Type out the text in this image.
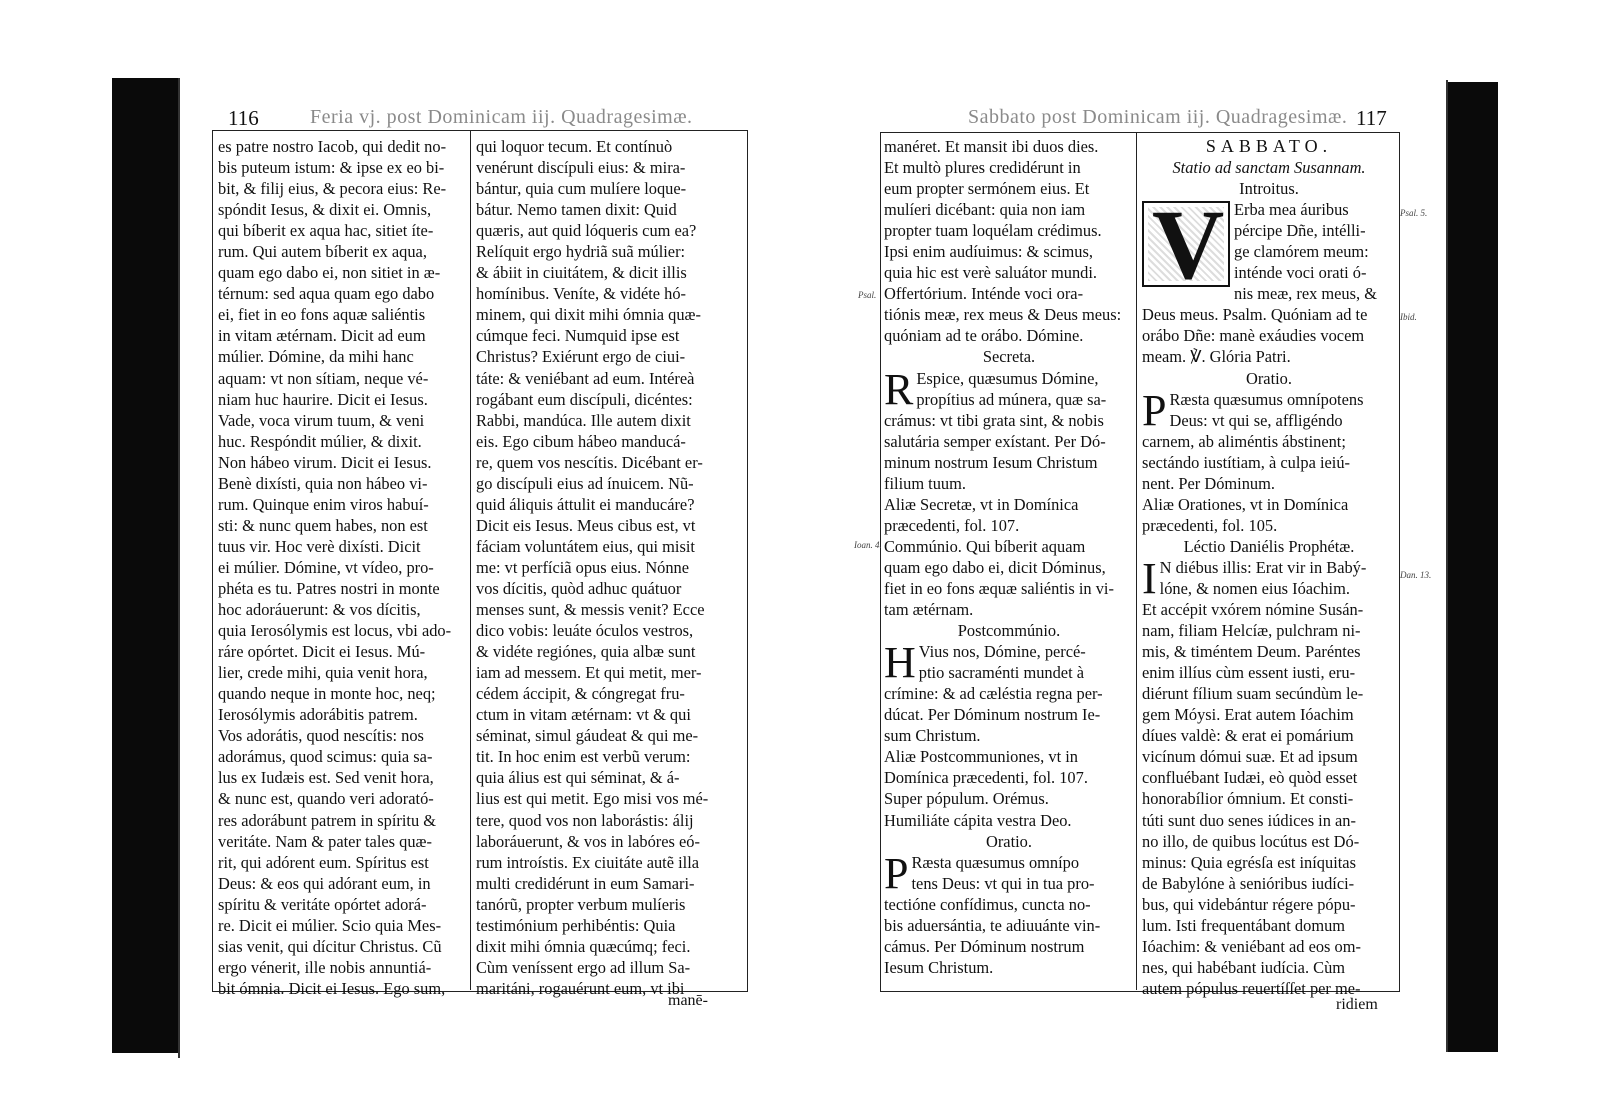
116	Feria vj. post Dominicam iij. Quadragesimæ.

es patre nostro Iacob, qui dedit no-

bis puteum istum: & ipse ex eo bi-

bit, & filij eius, & pecora eius: Re-

spóndit Iesus, & dixit ei. Omnis,

qui bíberit ex aqua hac, sitiet íte-

rum. Qui autem bíberit ex aqua,

quam ego dabo ei, non sitiet in æ-

térnum: sed aqua quam ego dabo

ei, fiet in eo fons aquæ saliéntis

in vitam ætérnam. Dicit ad eum

múlier. Dómine, da mihi hanc

aquam: vt non sítiam, neque vé-

niam huc haurire. Dicit ei Iesus.

Vade, voca virum tuum, & veni

huc. Respóndit múlier, & dixit.

Non hábeo virum. Dicit ei Iesus.

Benè dixísti, quia non hábeo vi-

rum. Quinque enim viros habuí-

sti: & nunc quem habes, non est

tuus vir. Hoc verè dixísti. Dicit

ei múlier. Dómine, vt vídeo, pro-

phéta es tu. Patres nostri in monte

hoc adoráuerunt: & vos dícitis,

quia Ierosólymis est locus, vbi ado-

ráre opórtet. Dicit ei Iesus. Mú-

lier, crede mihi, quia venit hora,

quando neque in monte hoc, neq;

Ierosólymis adorábitis patrem.

Vos adorátis, quod nescítis: nos

adorámus, quod scimus: quia sa-

lus ex Iudæis est. Sed venit hora,

& nunc est, quando veri adorató-

res adorábunt patrem in spíritu &

veritáte. Nam & pater tales quæ-

rit, qui adórent eum. Spíritus est

Deus: & eos qui adórant eum, in

spíritu & veritáte opórtet adorá-

re. Dicit ei múlier. Scio quia Mes-

sias venit, qui dícitur Christus. Cũ

ergo vénerit, ille nobis annuntiá-

bit ómnia. Dicit ei Iesus. Ego sum,

qui loquor tecum. Et contínuò

venérunt discípuli eius: & mira-

bántur, quia cum mulíere loque-

bátur. Nemo tamen dixit: Quid

quæris, aut quid lóqueris cum ea?

Relíquit ergo hydriã suã múlier:

& ábiit in ciuitátem, & dicit illis

homínibus. Veníte, & vidéte hó-

minem, qui dixit mihi ómnia quæ-

cúmque feci. Numquid ipse est

Christus? Exiérunt ergo de ciui-

táte: & veniébant ad eum. Intéreà

rogábant eum discípuli, dicéntes:

Rabbi, mandúca. Ille autem dixit

eis. Ego cibum hábeo manducá-

re, quem vos nescítis. Dicébant er-

go discípuli eius ad ínuicem. Nũ-

quid áliquis áttulit ei manducáre?

Dicit eis Iesus. Meus cibus est, vt

fáciam voluntátem eius, qui misit

me: vt perfíciã opus eius. Nónne

vos dícitis, quòd adhuc quátuor

menses sunt, & messis venit? Ecce

dico vobis: leuáte óculos vestros,

& vidéte regiónes, quia albæ sunt

iam ad messem. Et qui metit, mer-

cédem áccipit, & cóngregat fru-

ctum in vitam ætérnam: vt & qui

séminat, simul gáudeat & qui me-

tit. In hoc enim est verbũ verum:

quia álius est qui séminat, & á-

lius est qui metit. Ego misi vos mé-

tere, quod vos non laborástis: álij

laboráuerunt, & vos in labóres eó-

rum introístis. Ex ciuitáte autẽ illa

multi credidérunt in eum Samari-

tanórũ, propter verbum mulíeris

testimónium perhibéntis: Quia

dixit mihi ómnia quæcúmq; feci.

Cùm veníssent ergo ad illum Sa-

maritáni, rogauérunt eum, vt ibi

manē-
Sabbato post Dominicam iij. Quadragesimæ. 117

manéret. Et mansit ibi duos dies.

Et multò plures credidérunt in

eum propter sermónem eius. Et

mulíeri dicébant: quia non iam

propter tuam loquélam crédimus.

Ipsi enim audíuimus: & scimus,

quia hic est verè saluátor mundi.

Offertórium. Inténde voci ora-

tiónis meæ, rex meus & Deus meus:

quóniam ad te orábo. Dómine.

Secreta.

R Espice, quæsumus Dómine,

propítius ad múnera, quæ sa-

crámus: vt tibi grata sint, & nobis

salutária semper exístant. Per Dó-

minum nostrum Iesum Christum

filium tuum.

Aliæ Secretæ, vt in Domínica

præcedenti, fol. 107.

Commúnio. Qui bíberit aquam

quam ego dabo ei, dicit Dóminus,

fiet in eo fons æquæ saliéntis in vi-

tam ætérnam.

Postcommúnio.

H Vius nos, Dómine, percé-

ptio sacraménti mundet à

crímine: & ad cæléstia regna per-

dúcat. Per Dóminum nostrum Ie-

sum Christum.

Aliæ Postcommuniones, vt in

Domínica præcedenti, fol. 107.

Super pópulum. Orémus.

Humiliáte cápita vestra Deo.

Oratio.

P Ræsta quæsumus omnípo

tens Deus: vt qui in tua pro-

tectióne confídimus, cuncta no-

bis aduersántia, te adiuuánte vin-

cámus. Per Dóminum nostrum

Iesum Christum.

SABBATO.

Statio ad sanctam Susannam.

Introitus.

V Erba mea áuribus

pércipe Dñe, intélli-

ge clamórem meum:

inténde voci orati ó-

nis meæ, rex meus, &

Deus meus. Psalm. Quóniam ad te

orábo Dñe: manè exáudies vocem

meam. ℣. Glória Patri.

Oratio.

P Ræsta quæsumus omnípotens

Deus: vt qui se, affligéndo

carnem, ab aliméntis ábstinent;

sectándo iustítiam, à culpa ieiú-

nent. Per Dóminum.

Aliæ Orationes, vt in Domínica

præcedenti, fol. 105.

Léctio Daniélis Prophétæ.

I N diébus illis: Erat vir in Babý-

lóne, & nomen eius Ióachim.

Et accépit vxórem nómine Susán-

nam, filiam Helcíæ, pulchram ni-

mis, & timéntem Deum. Paréntes

enim illíus cùm essent iusti, eru-

diérunt fílium suam secúndùm le-

gem Móysi. Erat autem Ióachim

díues valdè: & erat ei pomárium

vicínum dómui suæ. Et ad ipsum

confluébant Iudæi, eò quòd esset

honorabílior ómnium. Et consti-

túti sunt duo senes iúdices in an-

no illo, de quibus locútus est Dó-

minus: Quia egrésſa est iníquitas

de Babylóne à senióribus iudíci-

bus, qui videbántur régere pópu-

lum. Isti frequentábant domum

Ióachim: & veniébant ad eos om-

nes, qui habébant iudícia. Cùm

autem pópulus reuertíſſet per me-

ridiem
Psal.
Psal. 5.
Ibid.
Ioan. 4.
Dan. 13.
